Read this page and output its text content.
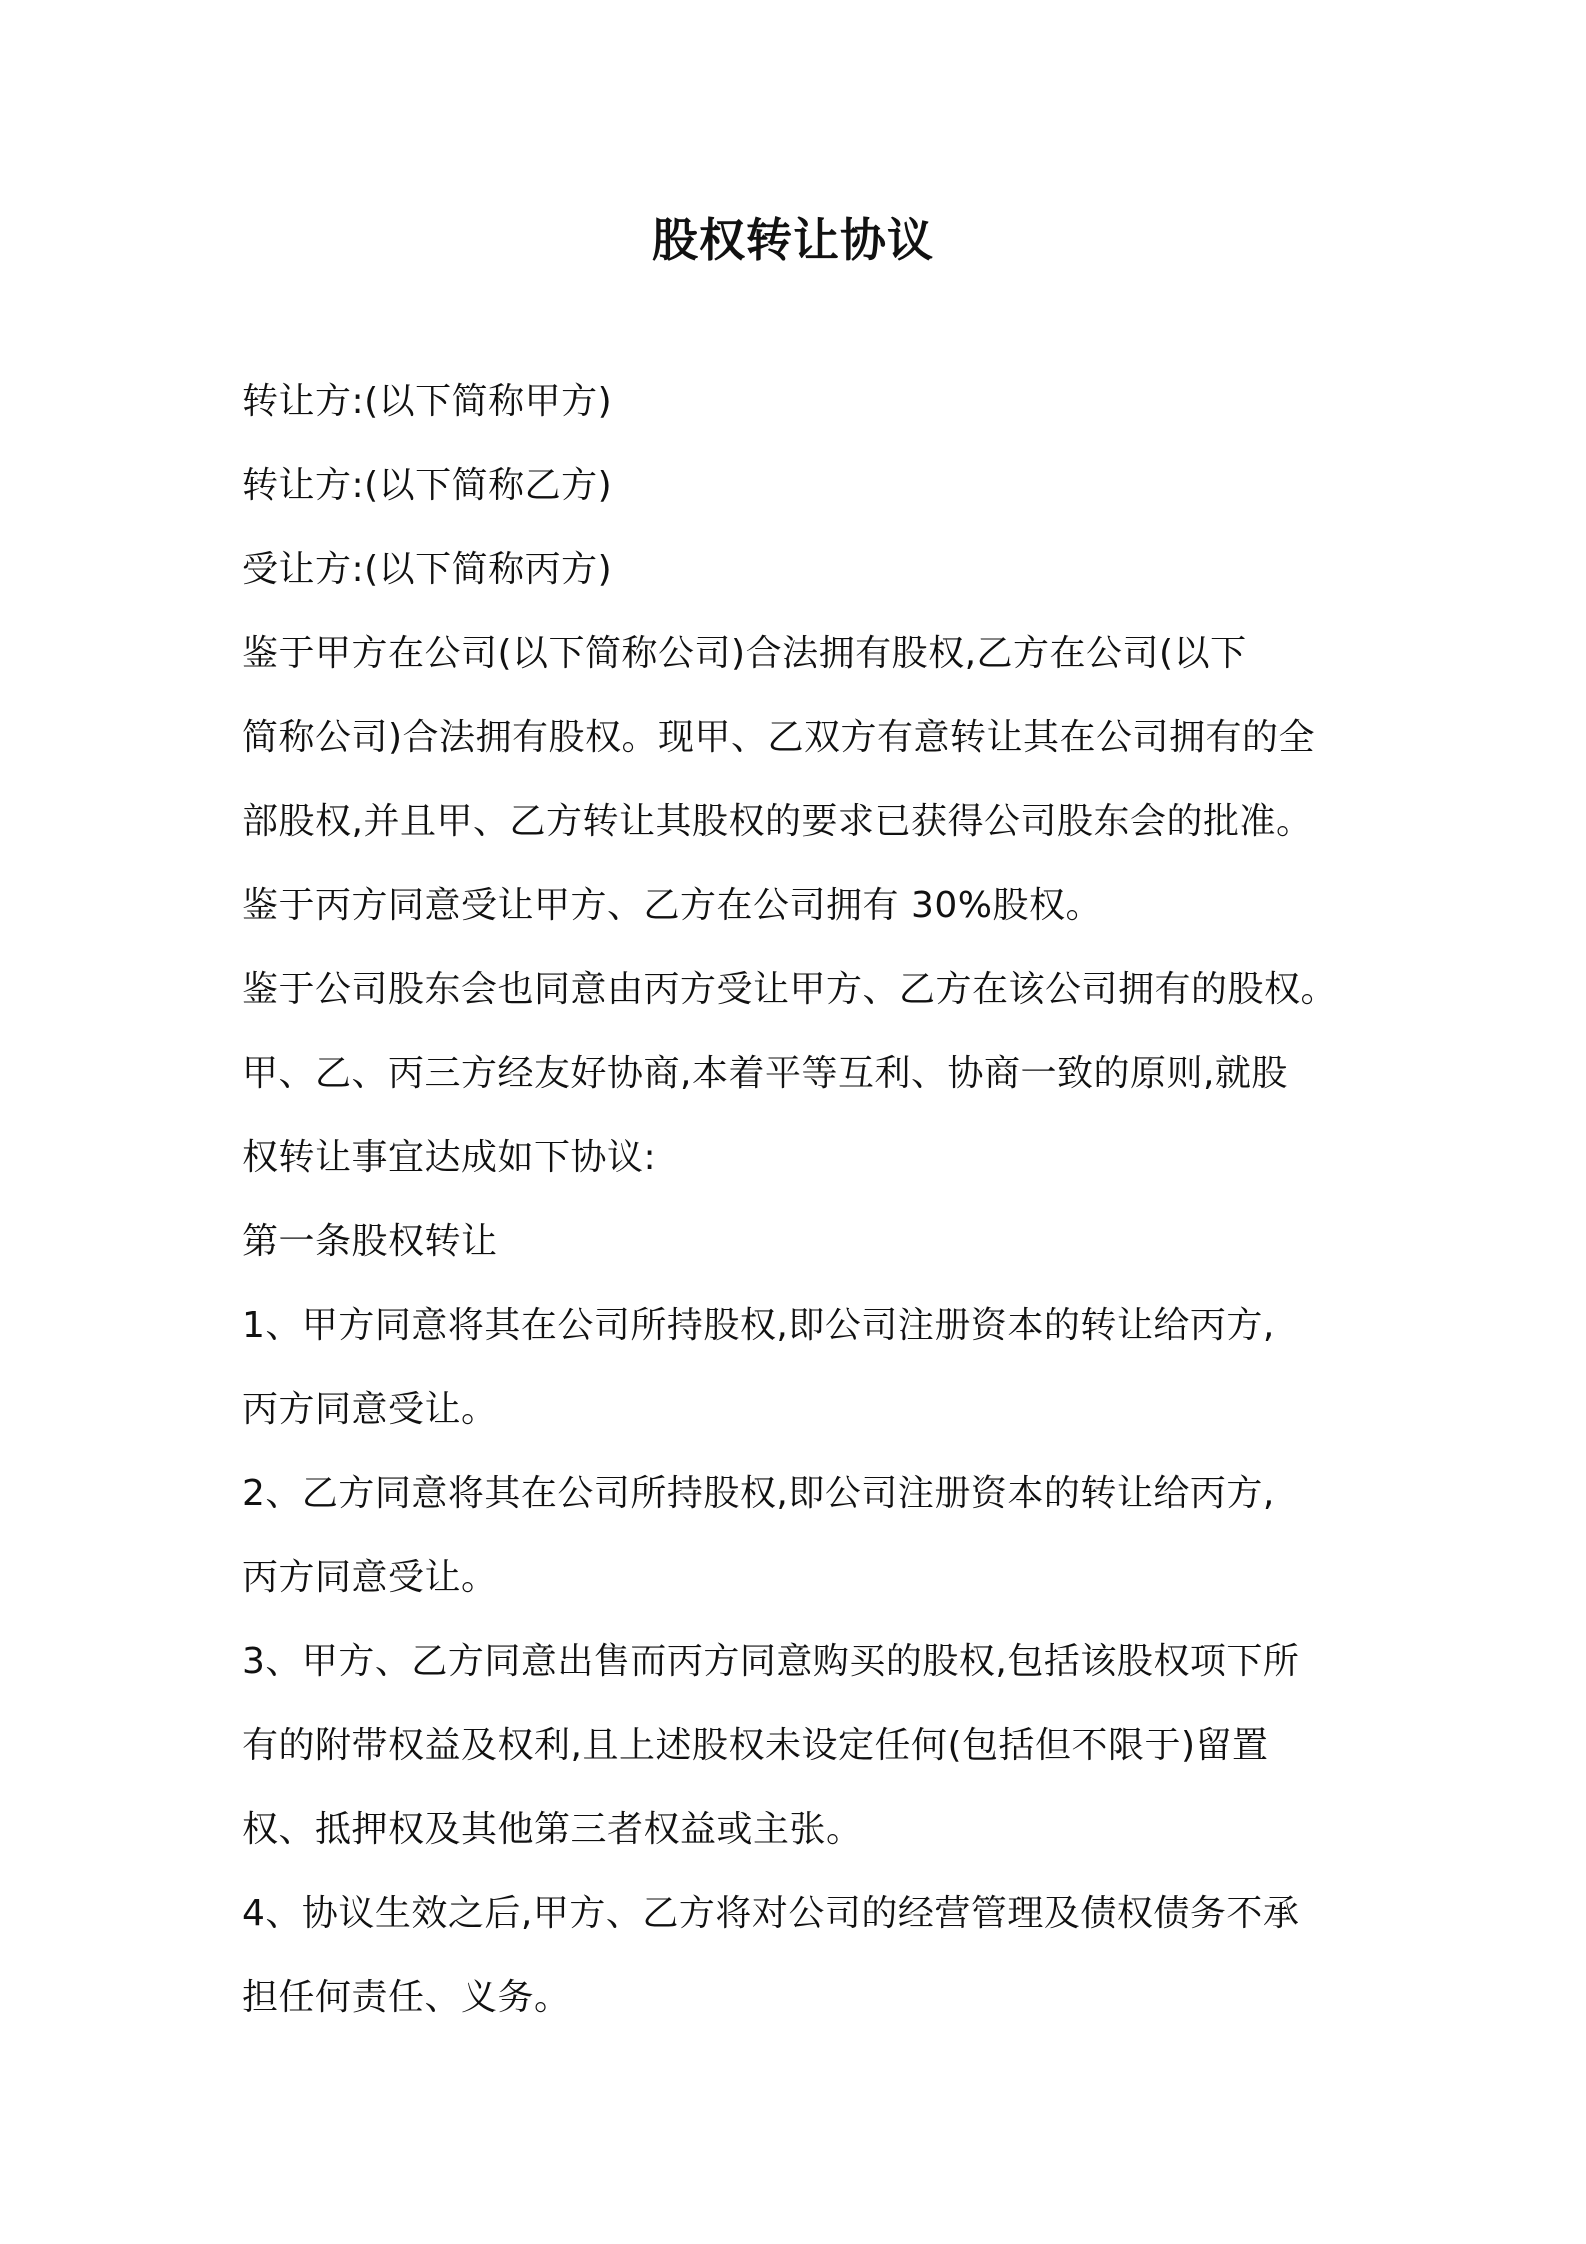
股权转让协议
转让方:(以下简称甲方)
转让方:(以下简称乙方)
受让方:(以下简称丙方)
鉴于甲方在公司(以下简称公司)合法拥有股权,乙方在公司(以下
简称公司)合法拥有股权。现甲、乙双方有意转让其在公司拥有的全
部股权,并且甲、乙方转让其股权的要求已获得公司股东会的批准。
鉴于丙方同意受让甲方、乙方在公司拥有 30%股权。
鉴于公司股东会也同意由丙方受让甲方、乙方在该公司拥有的股权。
甲、乙、丙三方经友好协商,本着平等互利、协商一致的原则,就股
权转让事宜达成如下协议:
第一条股权转让
1、甲方同意将其在公司所持股权,即公司注册资本的转让给丙方,
丙方同意受让。
2、乙方同意将其在公司所持股权,即公司注册资本的转让给丙方,
丙方同意受让。
3、甲方、乙方同意出售而丙方同意购买的股权,包括该股权项下所
有的附带权益及权利,且上述股权未设定任何(包括但不限于)留置
权、抵押权及其他第三者权益或主张。
4、协议生效之后,甲方、乙方将对公司的经营管理及债权债务不承
担任何责任、义务。
